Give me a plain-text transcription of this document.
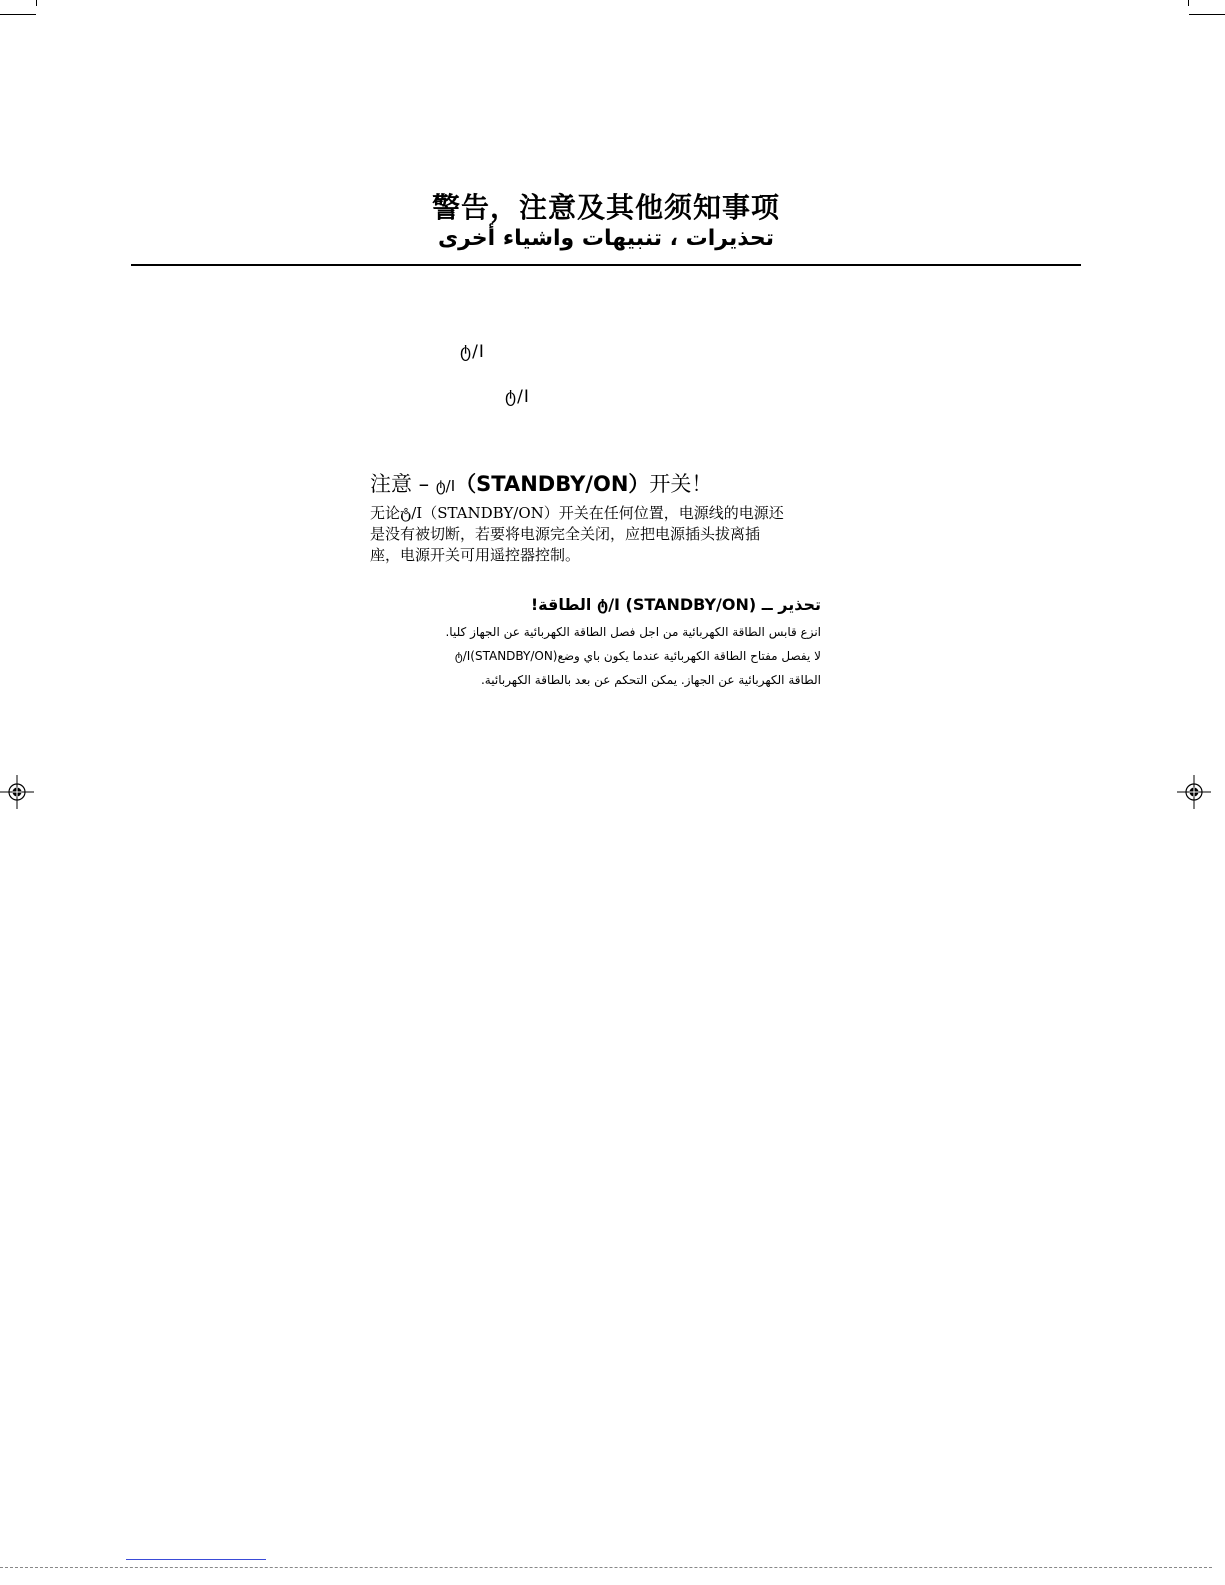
警告，注意及其他须知事项
تحذيرات ، تنبيهات واشياء أخرى
ტ/I
ტ/I
注意 – ტ/I（STANDBY/ON）开关！
无论ტ/I（STANDBY/ON）开关在任何位置，电源线的电源还
是没有被切断，若要将电源完全关闭，应把电源插头拔离插
座，电源开关可用遥控器控制。
تحذير ــ ტ/I (STANDBY/ON) الطاقة!
انزع قابس الطاقة الكهربائية من اجل فصل الطاقة الكهربائية عن الجهاز كليا.
لا يفصل مفتاح الطاقة الكهربائية عندما يكون باي وضع(STANDBY/ON)ტ/I
الطاقة الكهربائية عن الجهاز. يمكن التحكم عن بعد بالطاقة الكهربائية.
